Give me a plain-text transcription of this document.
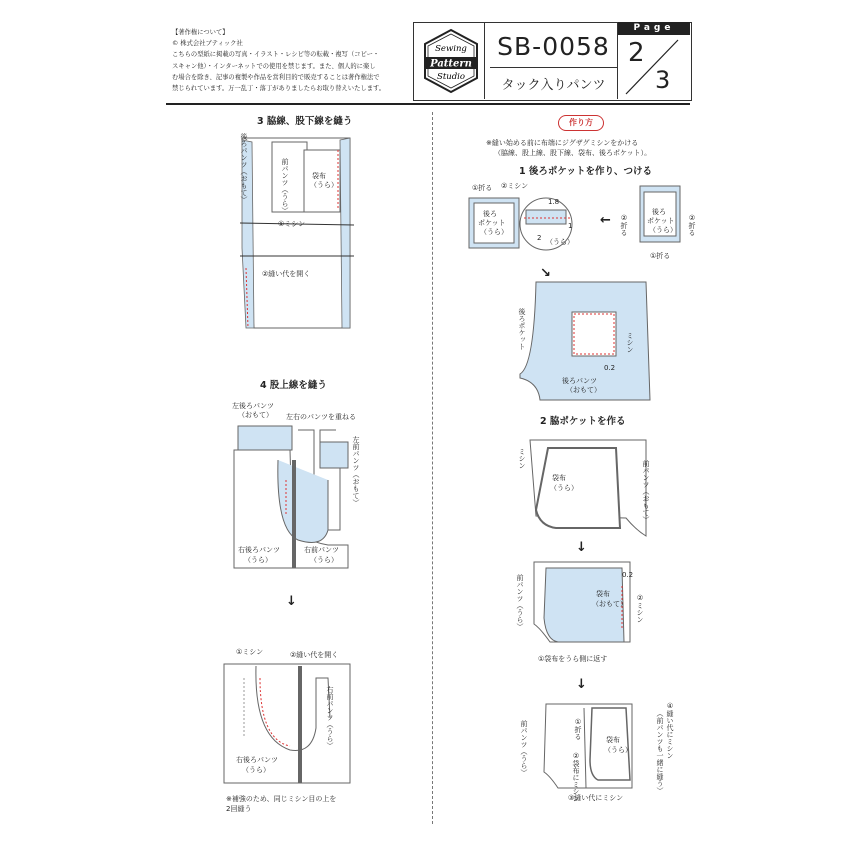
【著作権について】
© 株式会社ブティック社
こちらの型紙に掲載の写真・イラスト・レシピ等の転載・複写（コピー・
スキャン他）・インターネットでの使用を禁じます。また、個人的に楽し
む場合を除き、記事の複製や作品を営利目的で販売することは著作権法で
禁じられています。万一乱丁・落丁がありましたらお取り替えいたします。
Sewing
Pattern
Studio
SB-0058
タック入りパンツ
Page
2
3
3 脇線、股下線を縫う
後ろパンツ（おもて）	前パンツ（うら）	袋布
（うら）
①ミシン
②縫い代を開く
4 股上線を縫う
左後ろパンツ
（おもて） 左右のパンツを重ねる
左前パンツ（おもて）
右後ろパンツ
（うら）
右前パンツ
（うら）
↓
①ミシン	②縫い代を開く
右前パンツ（うら）
右後ろパンツ
（うら）
※補強のため、同じミシン目の上を
2回縫う
作り方
※縫い始める前に布端にジグザグミシンをかける
（脇線、股上線、股下線、袋布、後ろポケット）。
1 後ろポケットを作り、つける
①折る ②ミシン
後ろ
ポケット
（うら）
1.8
1
2 （うら）
← ②折る	②折る
後ろ
ポケット
（うら）
①折る
↘
後ろポケット	ミシン
0.2
後ろパンツ
（おもて）
2 脇ポケットを作る
ミシン
袋布
（うら）	前パンツ（おもて）
↓
前パンツ（うら）	袋布
（おもて）
0.2
②ミシン
①袋布をうら側に返す
↓
前パンツ（うら）	①折る
②袋布にミシン
袋布
（うら）	④縫い代にミシン
（前パンツも一緒に縫う）
③縫い代にミシン
